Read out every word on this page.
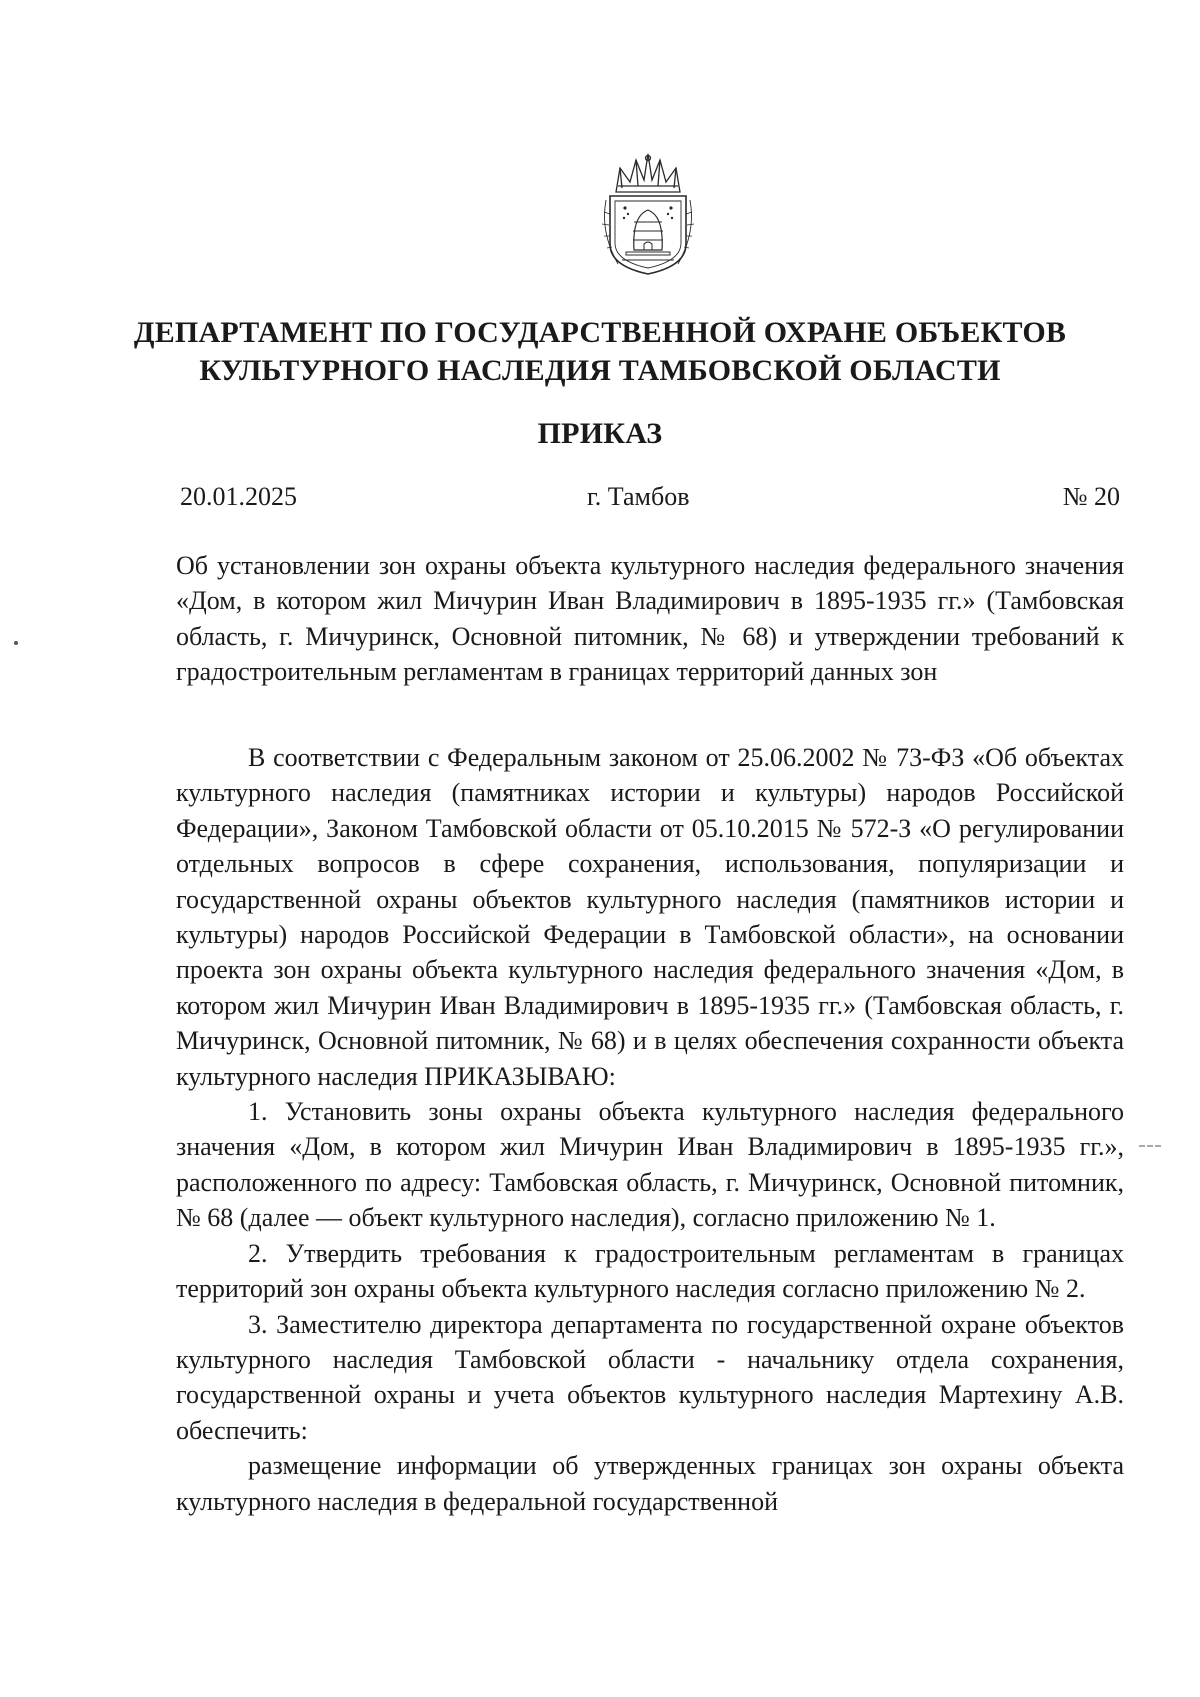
ДЕПАРТАМЕНТ ПО ГОСУДАРСТВЕННОЙ ОХРАНЕ ОБЪЕКТОВ
КУЛЬТУРНОГО НАСЛЕДИЯ ТАМБОВСКОЙ ОБЛАСТИ
ПРИКАЗ
20.01.2025	г. Тамбов	№ 20

Об установлении зон охраны объекта культурного наследия федерального значения «Дом, в котором жил Мичурин Иван Владимирович в 1895-1935 гг.» (Тамбовская область, г. Мичуринск, Основной питомник, № 68) и утверждении требований к градостроительным регламентам в границах территорий данных зон

В соответствии с Федеральным законом от 25.06.2002 № 73-ФЗ «Об объектах культурного наследия (памятниках истории и культуры) народов Российской Федерации», Законом Тамбовской области от 05.10.2015 № 572-З «О регулировании отдельных вопросов в сфере сохранения, использования, популяризации и государственной охраны объектов культурного наследия (памятников истории и культуры) народов Российской Федерации в Тамбовской области», на основании проекта зон охраны объекта культурного наследия федерального значения «Дом, в котором жил Мичурин Иван Владимирович в 1895-1935 гг.» (Тамбовская область, г. Мичуринск, Основной питомник, № 68) и в целях обеспечения сохранности объекта культурного наследия ПРИКАЗЫВАЮ:

1. Установить зоны охраны объекта культурного наследия федерального значения «Дом, в котором жил Мичурин Иван Владимирович в 1895-1935 гг.», расположенного по адресу: Тамбовская область, г. Мичуринск, Основной питомник, № 68 (далее — объект культурного наследия), согласно приложению № 1.

2. Утвердить требования к градостроительным регламентам в границах территорий зон охраны объекта культурного наследия согласно приложению № 2.

3. Заместителю директора департамента по государственной охране объектов культурного наследия Тамбовской области - начальнику отдела сохранения, государственной охраны и учета объектов культурного наследия Мартехину А.В. обеспечить:

размещение информации об утвержденных границах зон охраны объекта культурного наследия в федеральной государственной
